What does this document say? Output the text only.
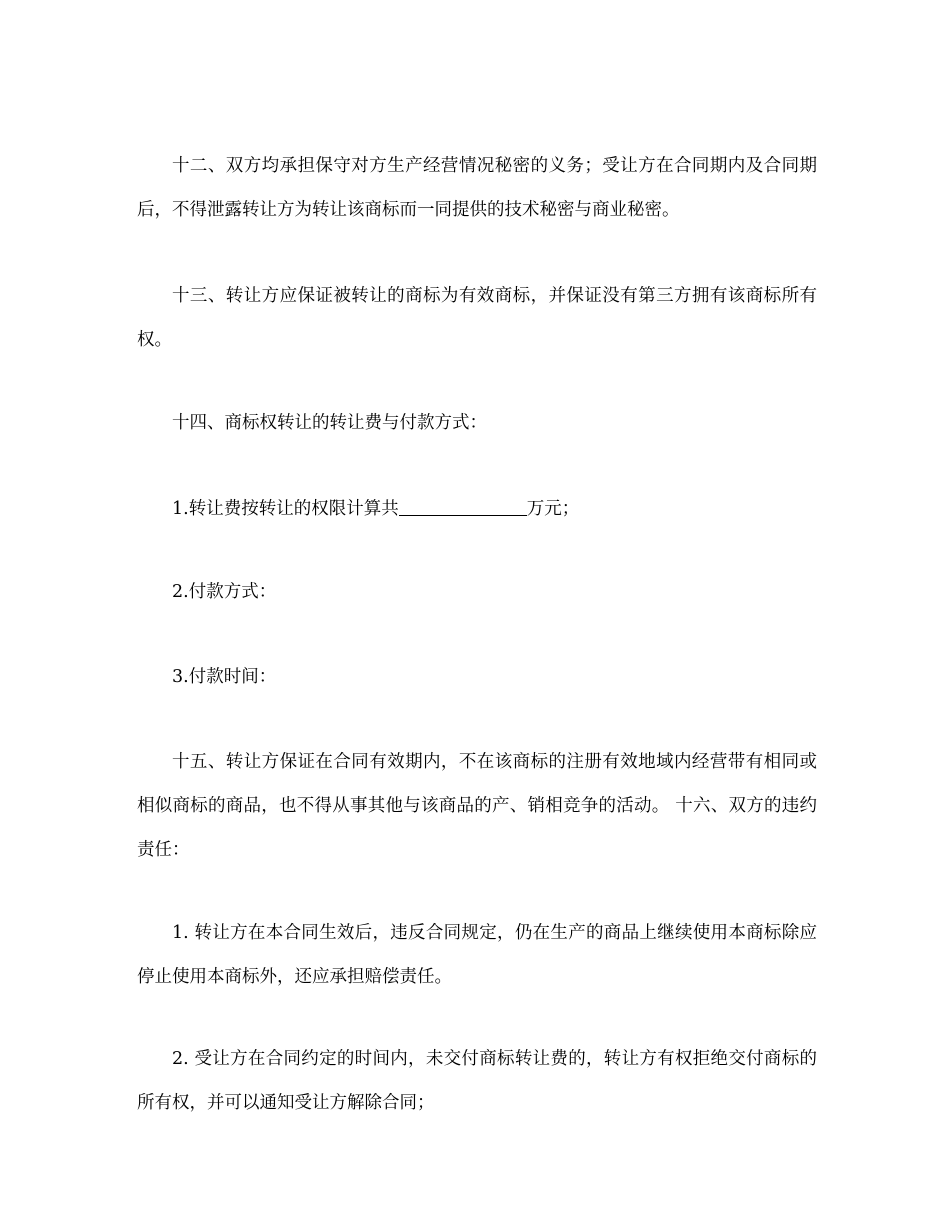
十二、双方均承担保守对方生产经营情况秘密的义务；受让方在合同期内及合同期后，不得泄露转让方为转让该商标而一同提供的技术秘密与商业秘密。

十三、转让方应保证被转让的商标为有效商标，并保证没有第三方拥有该商标所有权。

十四、商标权转让的转让费与付款方式：

1.转让费按转让的权限计算共	万元；

2.付款方式：

3.付款时间：

十五、转让方保证在合同有效期内，不在该商标的注册有效地域内经营带有相同或相似商标的商品，也不得从事其他与该商品的产、销相竞争的活动。 十六、双方的违约责任：

1. 转让方在本合同生效后，违反合同规定，仍在生产的商品上继续使用本商标除应停止使用本商标外，还应承担赔偿责任。

2. 受让方在合同约定的时间内，未交付商标转让费的，转让方有权拒绝交付商标的所有权，并可以通知受让方解除合同；
